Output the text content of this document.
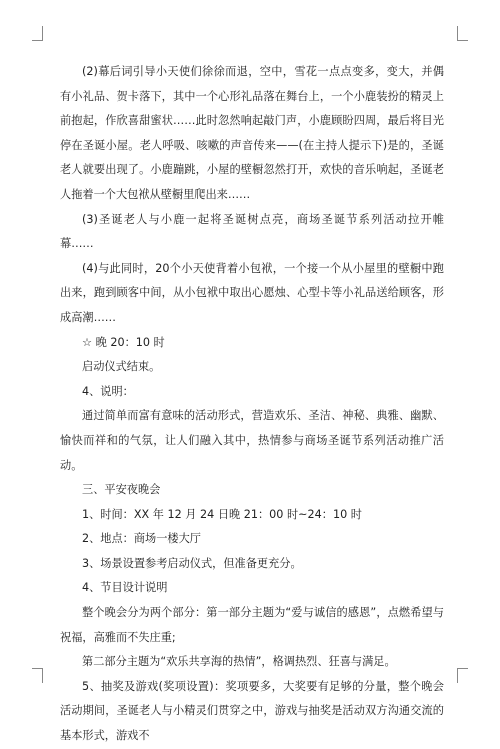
(2)幕后词引导小天使们徐徐而退，空中，雪花一点点变多，变大，并偶有小礼品、贺卡落下，其中一个心形礼品落在舞台上，一个小鹿装扮的精灵上前抱起，作欣喜甜蜜状……此时忽然响起敲门声，小鹿顾盼四周，最后将目光停在圣诞小屋。老人呼吸、咳嗽的声音传来——(在主持人提示下)是的，圣诞老人就要出现了。小鹿蹦跳，小屋的壁橱忽然打开，欢快的音乐响起，圣诞老人拖着一个大包袱从壁橱里爬出来……

(3)圣诞老人与小鹿一起将圣诞树点亮，商场圣诞节系列活动拉开帷幕……

(4)与此同时，20个小天使背着小包袱，一个接一个从小屋里的壁橱中跑出来，跑到顾客中间，从小包袱中取出心愿烛、心型卡等小礼品送给顾客，形成高潮……

☆ 晚 20：10 时

启动仪式结束。

4、说明：

通过简单而富有意味的活动形式，营造欢乐、圣洁、神秘、典雅、幽默、愉快而祥和的气氛，让人们融入其中，热情参与商场圣诞节系列活动推广活动。

三、平安夜晚会

1、时间：XX 年 12 月 24 日晚 21：00 时~24：10 时

2、地点：商场一楼大厅

3、场景设置参考启动仪式，但准备更充分。

4、节目设计说明

整个晚会分为两个部分：第一部分主题为“爱与诚信的感恩”，点燃希望与祝福，高雅而不失庄重;

第二部分主题为“欢乐共享海的热情”，格调热烈、狂喜与满足。

5、抽奖及游戏(奖项设置)：奖项要多，大奖要有足够的分量，整个晚会活动期间，圣诞老人与小精灵们贯穿之中，游戏与抽奖是活动双方沟通交流的基本形式，游戏不
